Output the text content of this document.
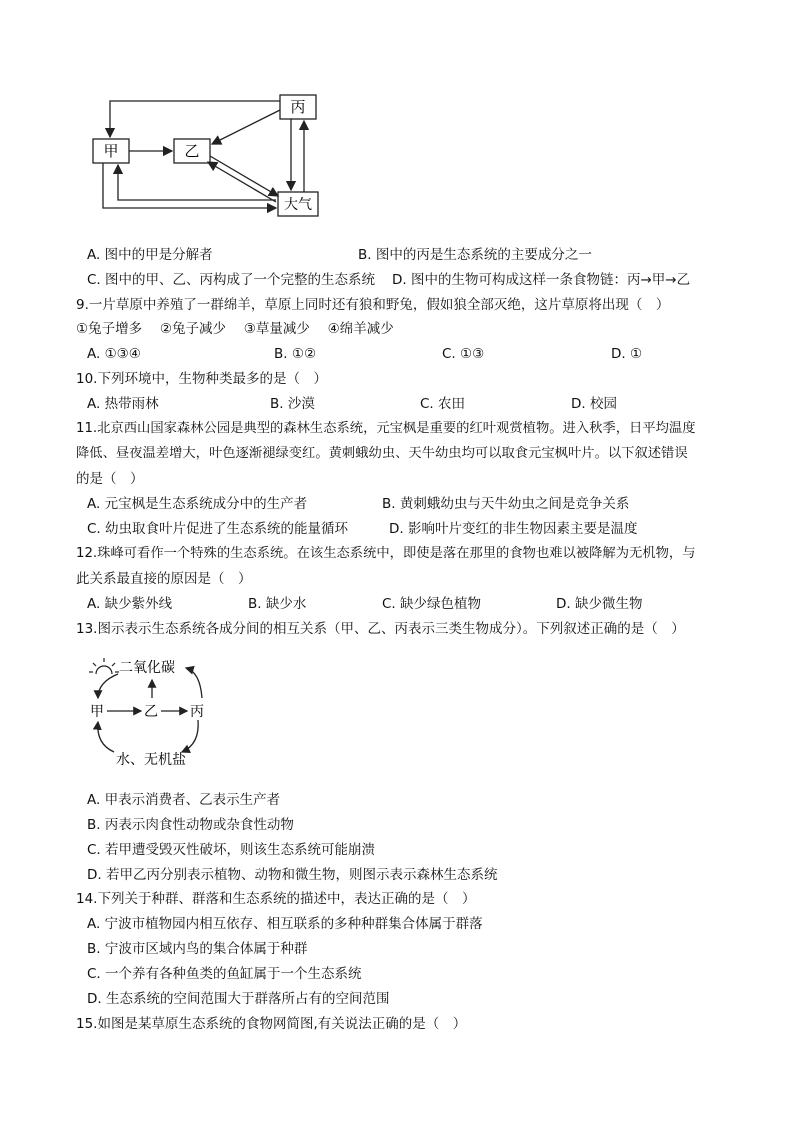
甲	乙
丙
大气
A. 图中的甲是分解者	B. 图中的丙是生态系统的主要成分之一
C. 图中的甲、乙、丙构成了一个完整的生态系统 D. 图中的生物可构成这样一条食物链：丙→甲→乙
9.一片草原中养殖了一群绵羊，草原上同时还有狼和野兔，假如狼全部灭绝，这片草原将出现（　）
①兔子增多　 ②兔子减少　 ③草量减少　 ④绵羊减少
A. ①③④	B. ①②	C. ①③	D. ①
10.下列环境中，生物种类最多的是（　）
A. 热带雨林	B. 沙漠	C. 农田	D. 校园
11.北京西山国家森林公园是典型的森林生态系统，元宝枫是重要的红叶观赏植物。进入秋季，日平均温度
降低、昼夜温差增大，叶色逐渐褪绿变红。黄刺蛾幼虫、天牛幼虫均可以取食元宝枫叶片。以下叙述错误
的是（　）
A. 元宝枫是生态系统成分中的生产者	B. 黄刺蛾幼虫与天牛幼虫之间是竞争关系
C. 幼虫取食叶片促进了生态系统的能量循环	D. 影响叶片变红的非生物因素主要是温度
12.珠峰可看作一个特殊的生态系统。在该生态系统中，即使是落在那里的食物也难以被降解为无机物，与
此关系最直接的原因是（　）
A. 缺少紫外线	B. 缺少水	C. 缺少绿色植物	D. 缺少微生物
13.图示表示生态系统各成分间的相互关系（甲、乙、丙表示三类生物成分）。下列叙述正确的是（　）
二氧化碳
甲	乙 丙
水、无机盐
A. 甲表示消费者、乙表示生产者
B. 丙表示肉食性动物或杂食性动物
C. 若甲遭受毁灭性破坏，则该生态系统可能崩溃
D. 若甲乙丙分别表示植物、动物和微生物，则图示表示森林生态系统
14.下列关于种群、群落和生态系统的描述中，表达正确的是（　）
A. 宁波市植物园内相互依存、相互联系的多种种群集合体属于群落
B. 宁波市区域内鸟的集合体属于种群
C. 一个养有各种鱼类的鱼缸属于一个生态系统
D. 生态系统的空间范围大于群落所占有的空间范围
15.如图是某草原生态系统的食物网简图,有关说法正确的是（　）
